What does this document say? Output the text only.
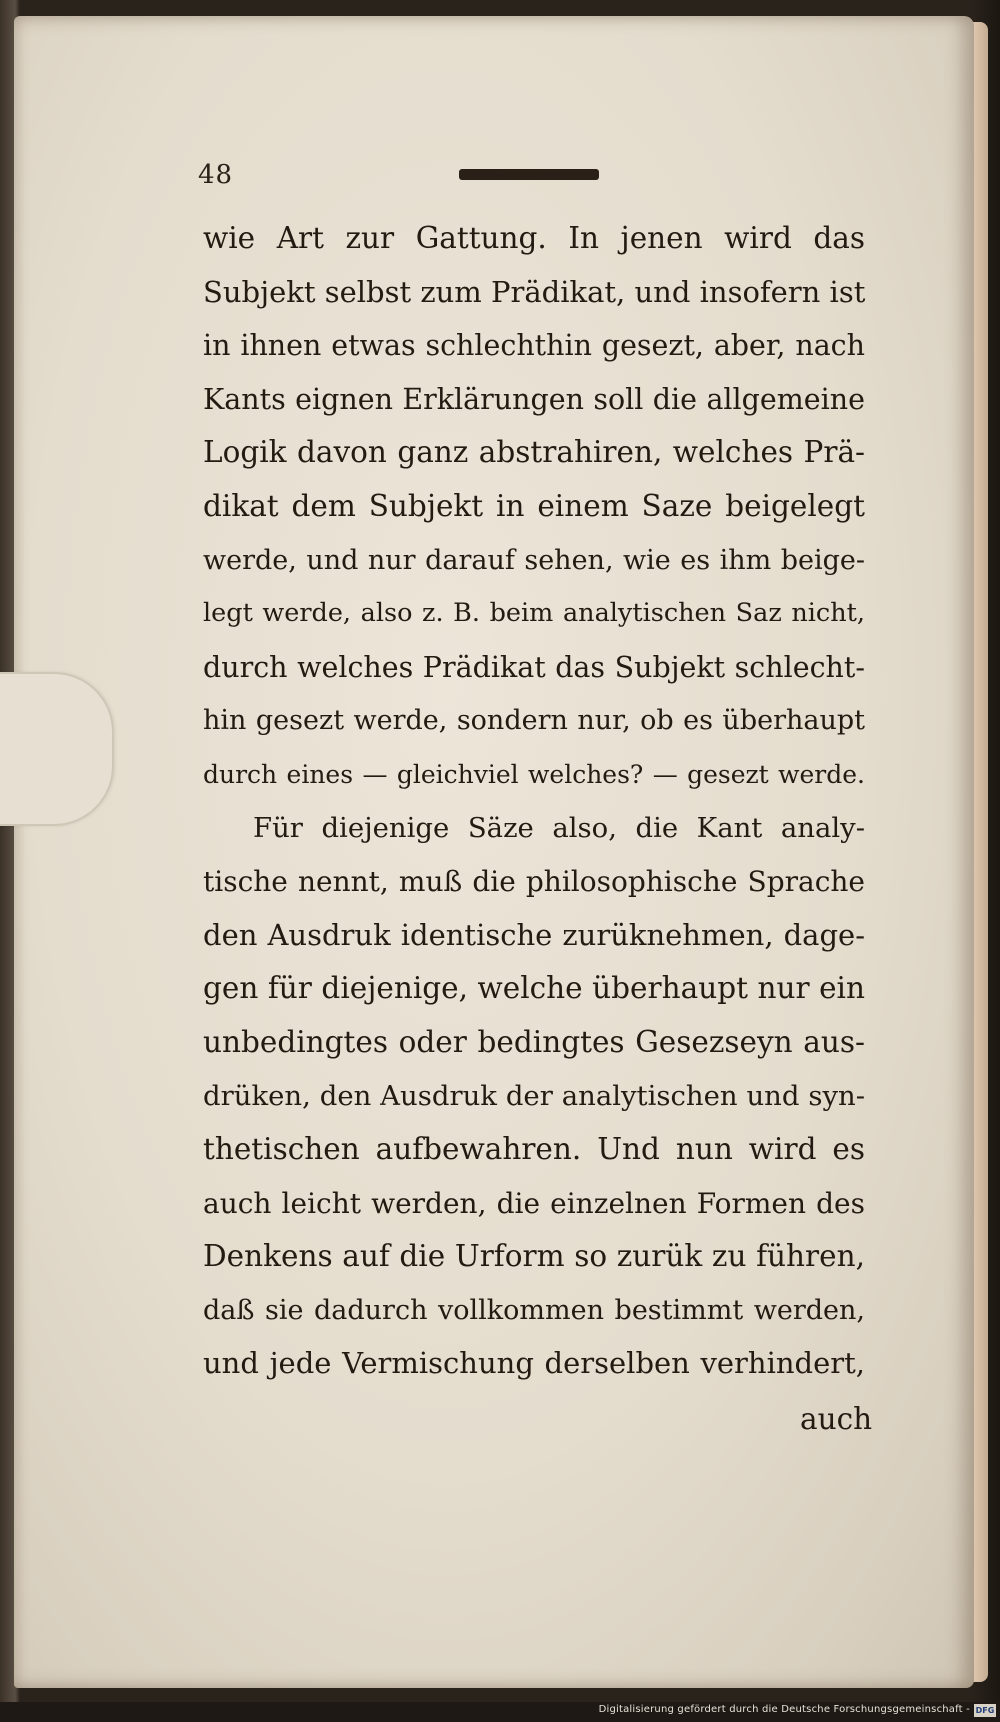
48
wie Art zur Gattung. In jenen wird das
Subjekt selbst zum Prädikat, und insofern ist
in ihnen etwas schlechthin gesezt, aber, nach
Kants eignen Erklärungen soll die allgemeine
Logik davon ganz abstrahiren, welches Prä-
dikat dem Subjekt in einem Saze beigelegt
werde, und nur darauf sehen, wie es ihm beige-
legt werde, also z. B. beim analytischen Saz nicht,
durch welches Prädikat das Subjekt schlecht-
hin gesezt werde, sondern nur, ob es überhaupt
durch eines — gleichviel welches? — gesezt werde.
Für diejenige Säze also, die Kant analy-
tische nennt, muß die philosophische Sprache
den Ausdruk identische zurüknehmen, dage-
gen für diejenige, welche überhaupt nur ein
unbedingtes oder bedingtes Gesezseyn aus-
drüken, den Ausdruk der analytischen und syn-
thetischen aufbewahren. Und nun wird es
auch leicht werden, die einzelnen Formen des
Denkens auf die Urform so zurük zu führen,
daß sie dadurch vollkommen bestimmt werden,
und jede Vermischung derselben verhindert,
auch
Digitalisierung gefördert durch die Deutsche Forschungsgemeinschaft - DFG
